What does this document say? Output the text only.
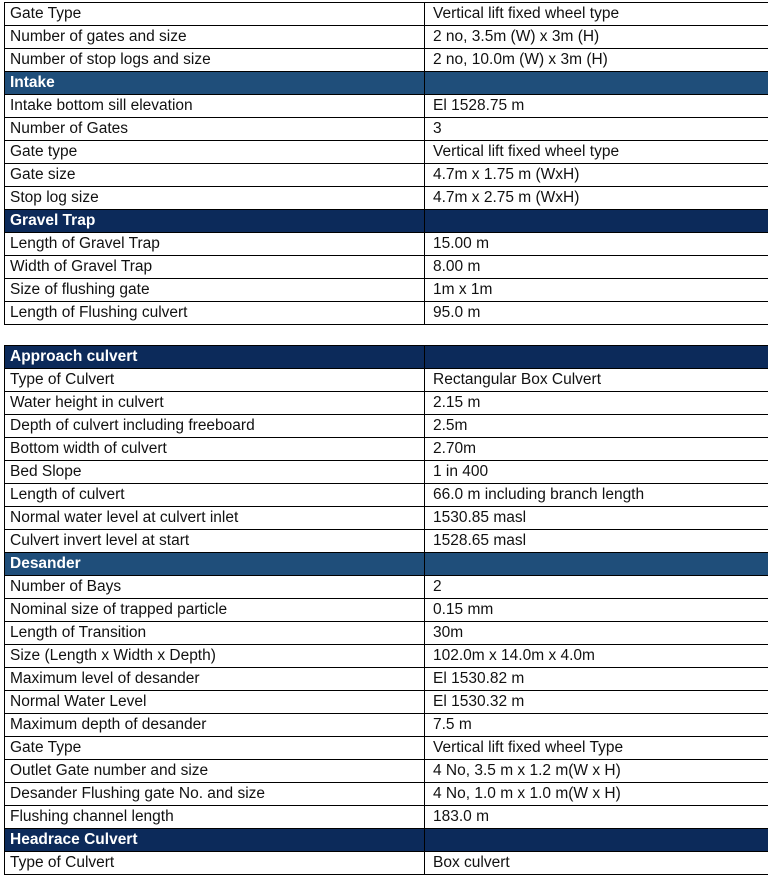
Gate Type	Vertical lift fixed wheel type
Number of gates and size	2 no, 3.5m (W) x 3m (H)
Number of stop logs and size	2 no, 10.0m (W) x 3m (H)
Intake	
Intake bottom sill elevation	El 1528.75 m
Number of Gates	3
Gate type	Vertical lift fixed wheel type
Gate size	4.7m x 1.75 m (WxH)
Stop log size	4.7m x 2.75 m (WxH)
Gravel Trap	
Length of Gravel Trap	15.00 m
Width of Gravel Trap	8.00 m
Size of flushing gate	1m x 1m
Length of Flushing culvert	95.0 m
Approach culvert	
Type of Culvert	Rectangular Box Culvert
Water height in culvert	2.15 m
Depth of culvert including freeboard	2.5m
Bottom width of culvert	2.70m
Bed Slope	1 in 400
Length of culvert	66.0 m including branch length
Normal water level at culvert inlet	1530.85 masl
Culvert invert level at start	1528.65 masl
Desander	
Number of Bays	2
Nominal size of trapped particle	0.15 mm
Length of Transition	30m
Size (Length x Width x Depth)	102.0m x 14.0m x 4.0m
Maximum level of desander	El 1530.82 m
Normal Water Level	El 1530.32 m
Maximum depth of desander	7.5 m
Gate Type	Vertical lift fixed wheel Type
Outlet Gate number and size	4 No, 3.5 m x 1.2 m(W x H)
Desander Flushing gate No. and size	4 No, 1.0 m x 1.0 m(W x H)
Flushing channel length	183.0 m
Headrace Culvert	
Type of Culvert	Box culvert
